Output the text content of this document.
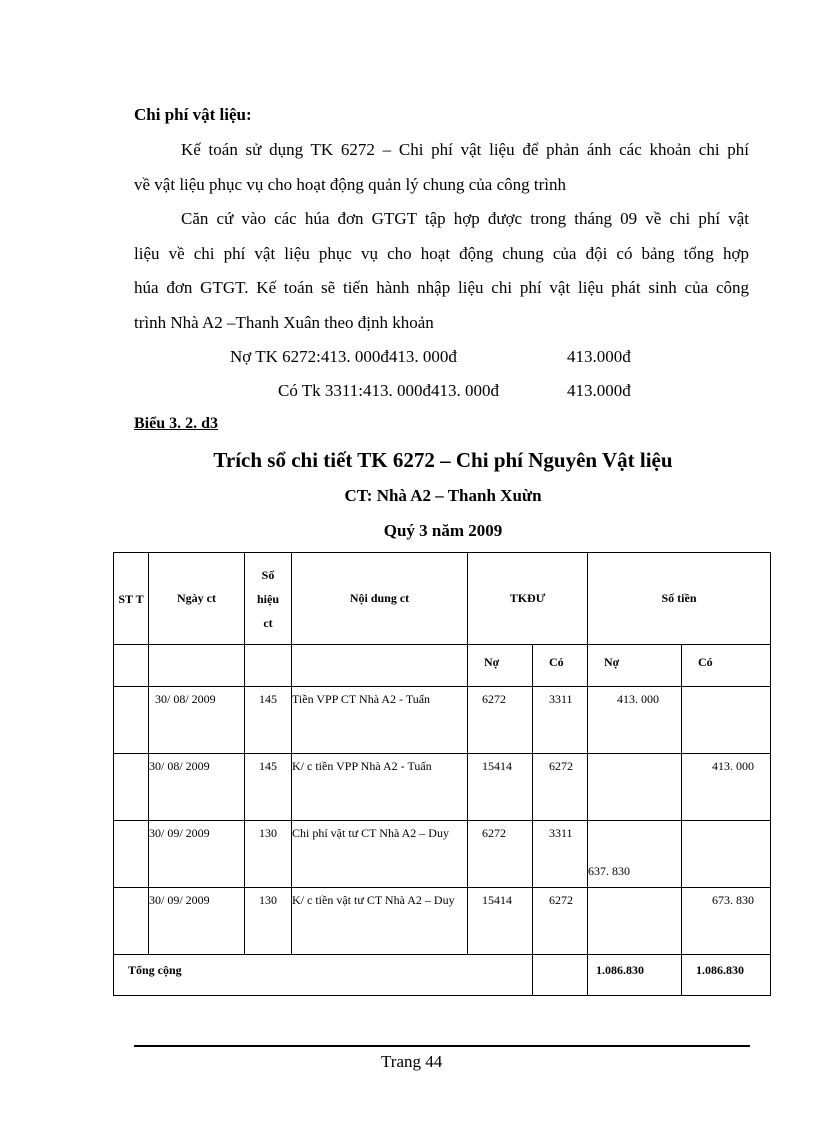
Chi phí vật liệu:
Kế toán sử dụng TK 6272 – Chi phí vật liệu để phản ánh các khoản chi phí
về vật liệu phục vụ cho hoạt động quản lý chung của công trình
Căn cứ vào các húa đơn GTGT tập hợp được trong tháng 09 về chi phí vật
liệu về chi phí vật liệu phục vụ cho hoạt động chung của đội có bảng tổng hợp
húa đơn GTGT. Kế toán sẽ tiến hành nhập liệu chi phí vật liệu phát sinh của công
trình Nhà A2 –Thanh Xuân theo định khoản
Nợ TK 6272:413. 000đ413. 000đ	413.000đ
Có Tk 3311:413. 000đ413. 000đ	413.000đ
Biểu 3. 2. d3
Trích sổ chi tiết TK 6272 – Chi phí Nguyên Vật liệu
CT: Nhà A2 – Thanh Xuừn
Quý 3 năm 2009
ST T	Ngày ct	Số hiệu ct	Nội dung ct	TKĐƯ		Số tiền	
				Nợ	Có	Nợ	Có
	30/ 08/ 2009	145	Tiền VPP CT Nhà A2 - Tuấn	6272	3311	413. 000	
	30/ 08/ 2009	145	K/ c tiền VPP Nhà A2 - Tuấn	15414	6272		413. 000
	30/ 09/ 2009	130	Chi phí vật tư CT Nhà A2 – Duy	6272	3311	637. 830	
	30/ 09/ 2009	130	K/ c tiền vật tư CT Nhà A2 – Duy	15414	6272		673. 830
Tổng cộng						1.086.830	1.086.830
Trang 44
